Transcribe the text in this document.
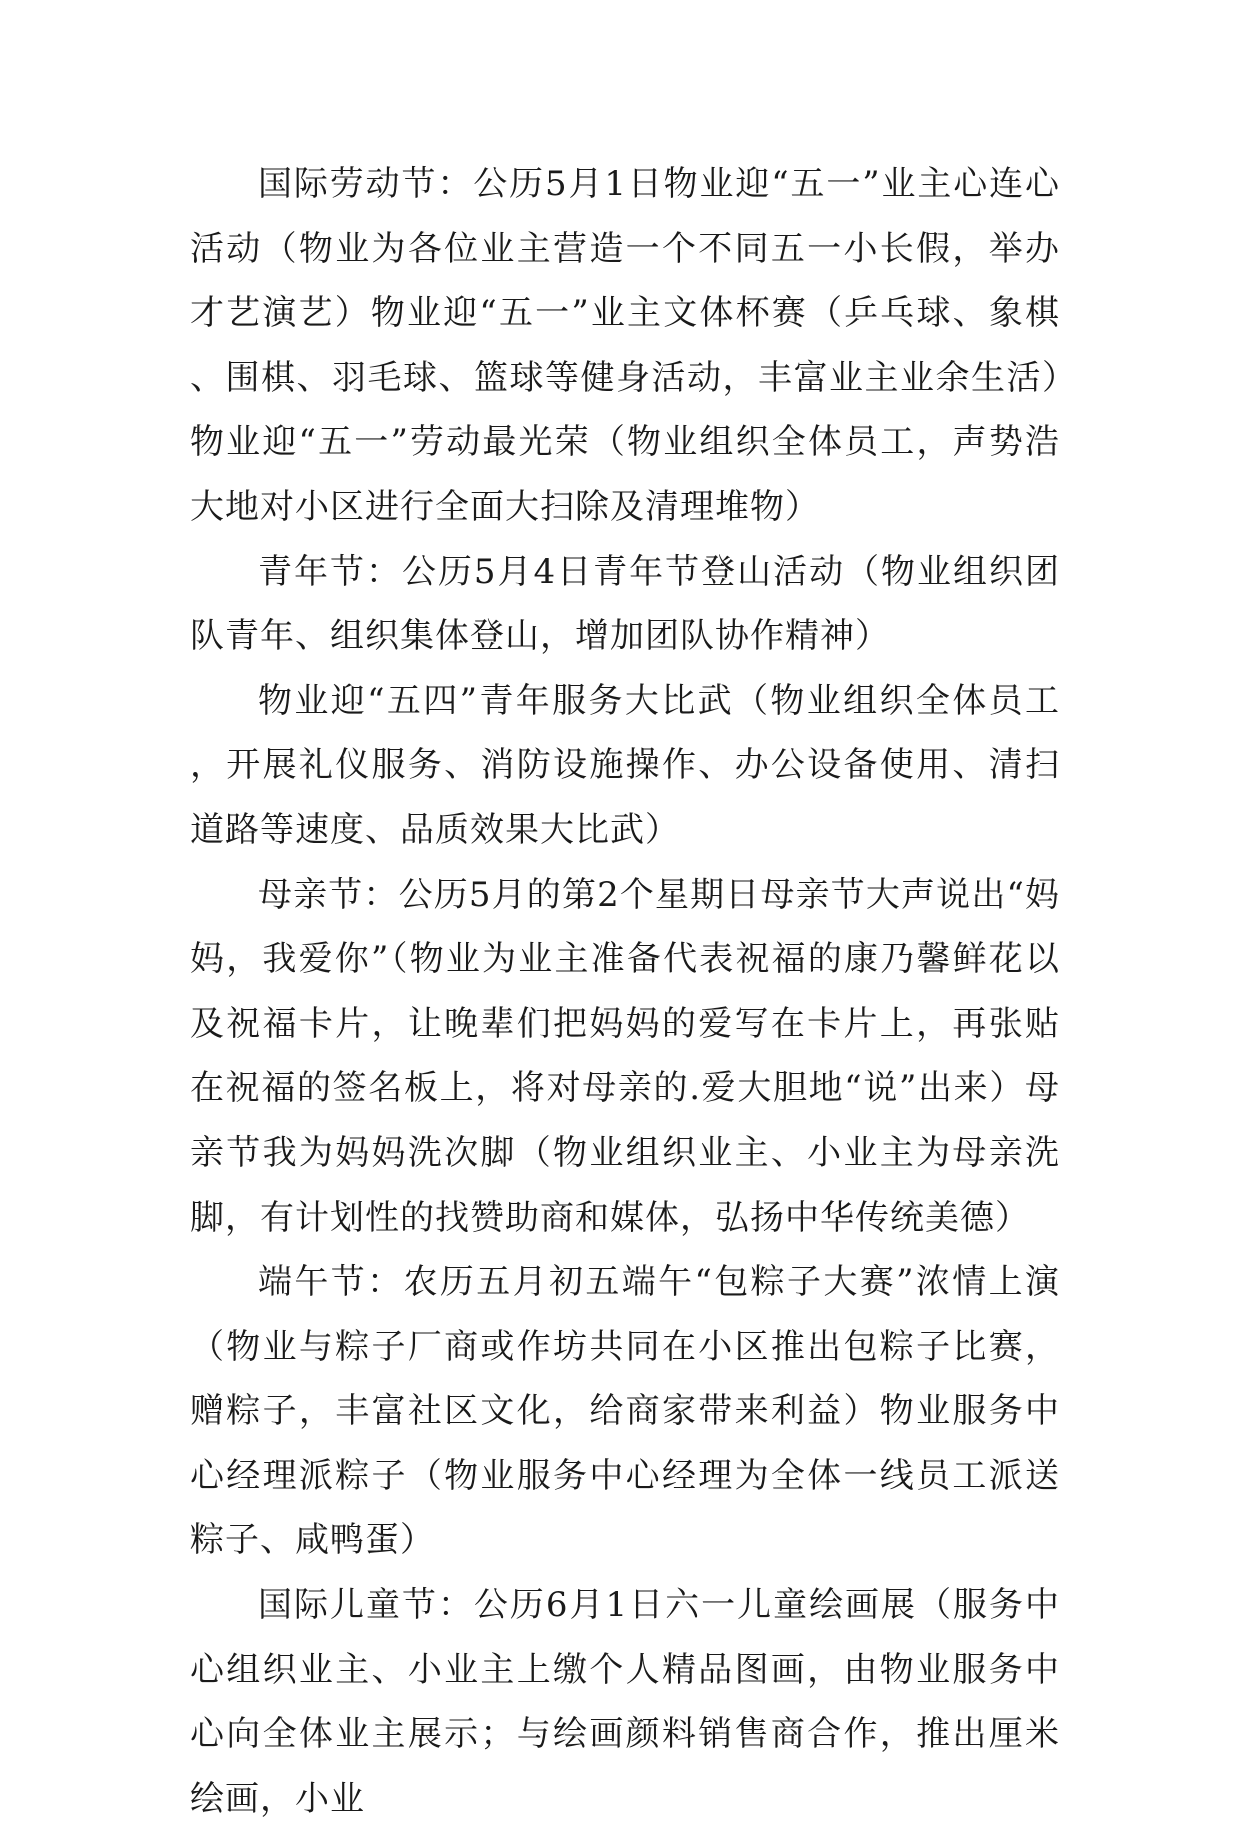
国际劳动节：公历5月1日物业迎“五一”业主心连心活动（物业为各位业主营造一个不同五一小长假，举办才艺演艺）物业迎“五一”业主文体杯赛（乒乓球、象棋、围棋、羽毛球、篮球等健身活动，丰富业主业余生活）物业迎“五一”劳动最光荣（物业组织全体员工，声势浩大地对小区进行全面大扫除及清理堆物）

青年节：公历5月4日青年节登山活动（物业组织团队青年、组织集体登山，增加团队协作精神）

物业迎“五四”青年服务大比武（物业组织全体员工，开展礼仪服务、消防设施操作、办公设备使用、清扫道路等速度、品质效果大比武）

母亲节：公历5月的第2个星期日母亲节大声说出“妈妈，我爱你”（物业为业主准备代表祝福的康乃馨鲜花以及祝福卡片，让晚辈们把妈妈的爱写在卡片上，再张贴在祝福的签名板上，将对母亲的.爱大胆地“说”出来）母亲节我为妈妈洗次脚（物业组织业主、小业主为母亲洗脚，有计划性的找赞助商和媒体，弘扬中华传统美德）

端午节：农历五月初五端午“包粽子大赛”浓情上演（物业与粽子厂商或作坊共同在小区推出包粽子比赛，赠粽子，丰富社区文化，给商家带来利益）物业服务中心经理派粽子（物业服务中心经理为全体一线员工派送粽子、咸鸭蛋）

国际儿童节：公历6月1日六一儿童绘画展（服务中心组织业主、小业主上缴个人精品图画，由物业服务中心向全体业主展示；与绘画颜料销售商合作，推出厘米绘画，小业
